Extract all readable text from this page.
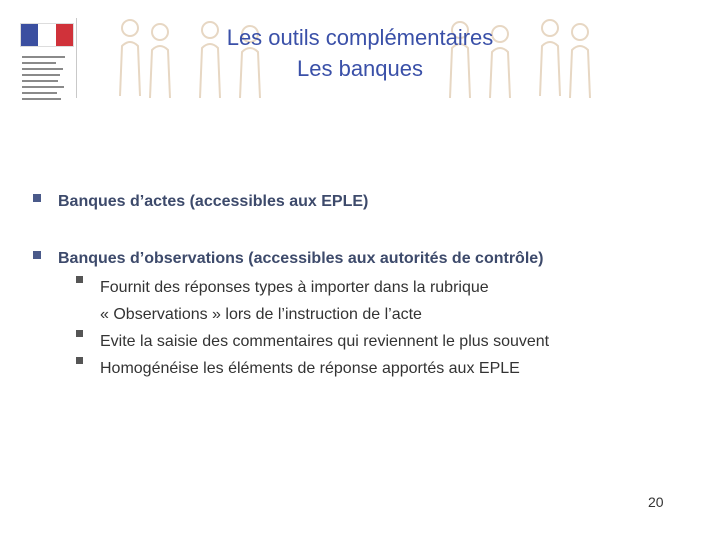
Les outils complémentaires
Les banques
Banques d’actes (accessibles aux EPLE)
Banques d’observations (accessibles aux autorités de contrôle)
Fournit des réponses types à importer dans la rubrique
« Observations » lors de l’instruction de l’acte
Evite la saisie des commentaires qui reviennent le plus souvent
Homogénéise les éléments de réponse apportés aux EPLE
20
